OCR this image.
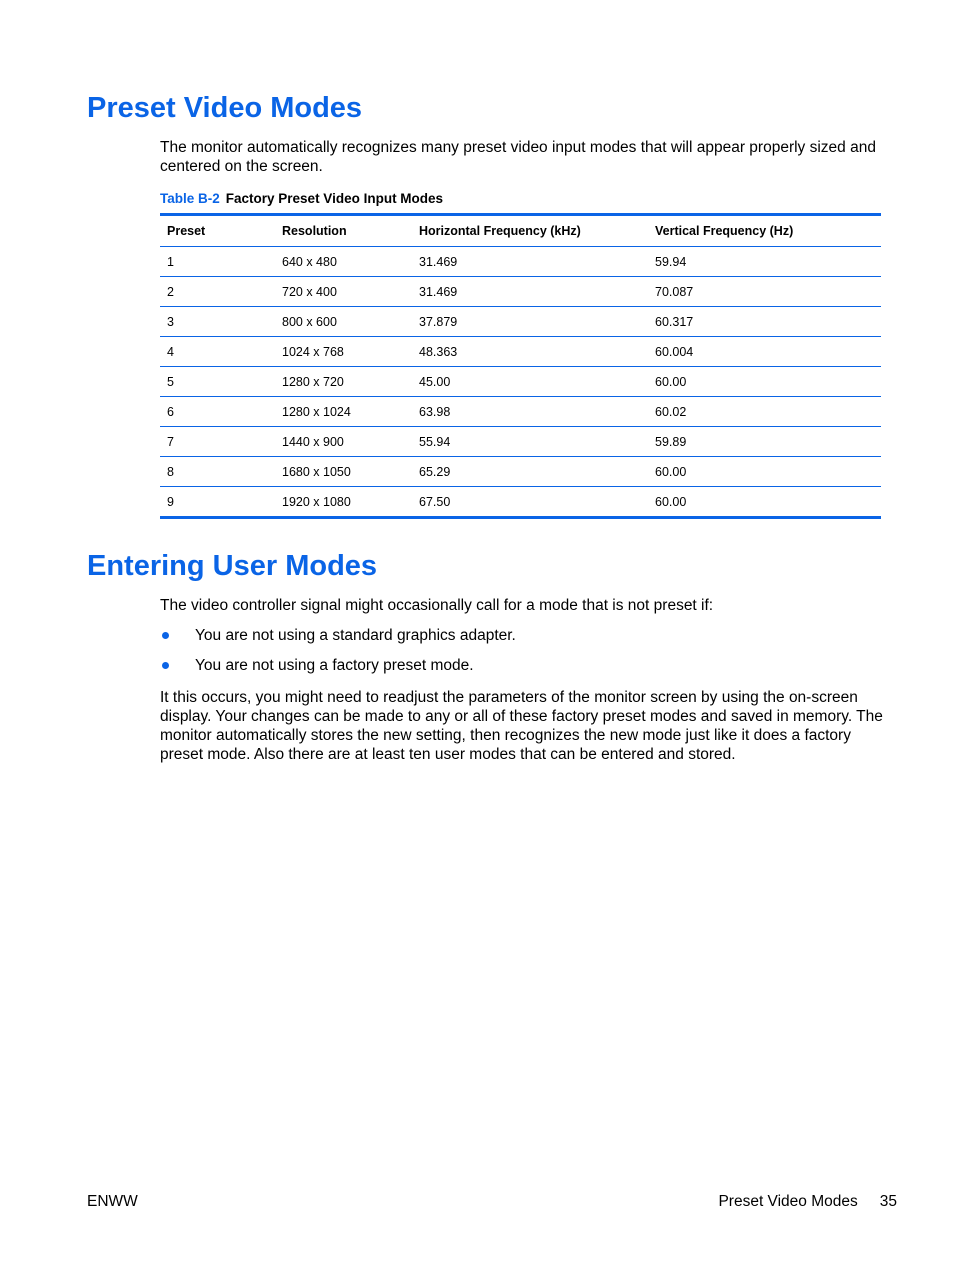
Preset Video Modes

The monitor automatically recognizes many preset video input modes that will appear properly sized and centered on the screen.

Table B-2 Factory Preset Video Input Modes
Preset	Resolution	Horizontal Frequency (kHz)	Vertical Frequency (Hz)
1	640 x 480	31.469	59.94
2	720 x 400	31.469	70.087
3	800 x 600	37.879	60.317
4	1024 x 768	48.363	60.004
5	1280 x 720	45.00	60.00
6	1280 x 1024	63.98	60.02
7	1440 x 900	55.94	59.89
8	1680 x 1050	65.29	60.00
9	1920 x 1080	67.50	60.00
Entering User Modes

The video controller signal might occasionally call for a mode that is not preset if:

You are not using a standard graphics adapter.
You are not using a factory preset mode.

It this occurs, you might need to readjust the parameters of the monitor screen by using the on-screen display. Your changes can be made to any or all of these factory preset modes and saved in memory. The monitor automatically stores the new setting, then recognizes the new mode just like it does a factory preset mode. Also there are at least ten user modes that can be entered and stored.

ENWW	Preset Video Modes 35
